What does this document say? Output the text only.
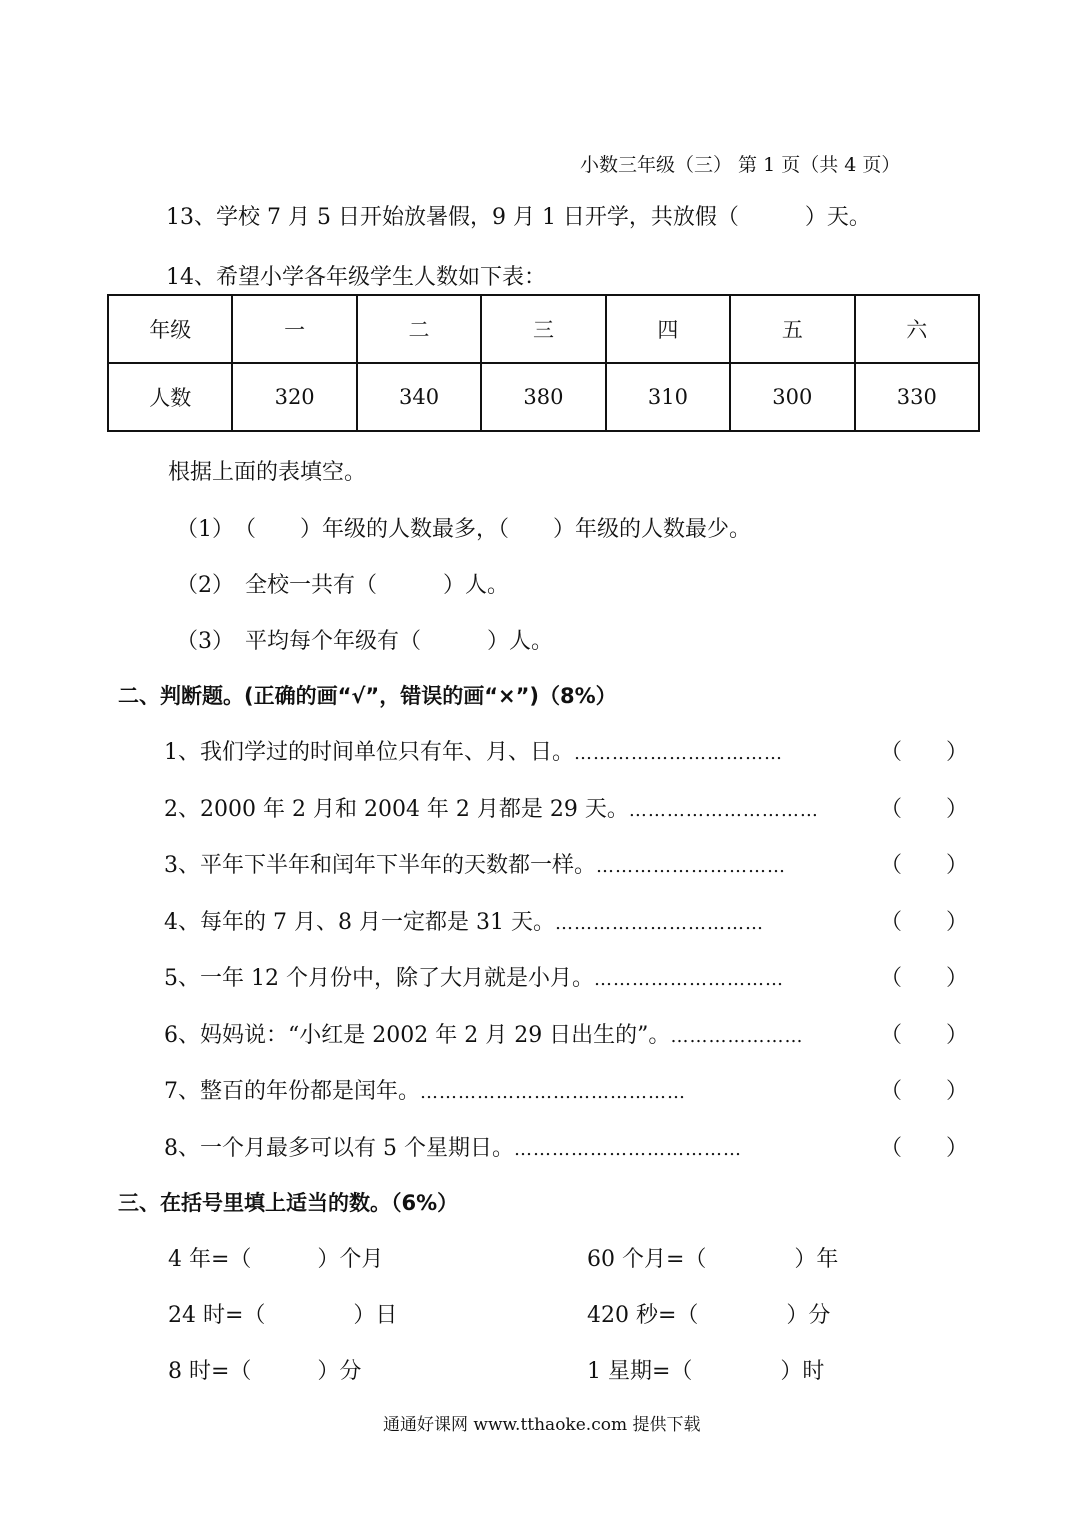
小数三年级（三） 第 1 页（共 4 页）
13、学校 7 月 5 日开始放暑假，9 月 1 日开学，共放假（　　　）天。
14、希望小学各年级学生人数如下表：
年级	一	二	三	四	五	六
人数	320	340	380	310	300	330
根据上面的表填空。
（1）　（　　）年级的人数最多，（　　）年级的人数最少。
（2）　全校一共有（　　　）人。
（3）　平均每个年级有（　　　）人。
二、判断题。(正确的画“√”，错误的画“×”)（8%）
1、我们学过的时间单位只有年、月、日。……………………………	（　　）
2、2000 年 2 月和 2004 年 2 月都是 29 天。…………………………	（　　）
3、平年下半年和闰年下半年的天数都一样。…………………………	（　　）
4、每年的 7 月、8 月一定都是 31 天。……………………………	（　　）
5、一年 12 个月份中，除了大月就是小月。…………………………	（　　）
6、妈妈说：“小红是 2002 年 2 月 29 日出生的”。…………………	（　　）
7、整百的年份都是闰年。……………………………………	（　　）
8、一个月最多可以有 5 个星期日。………………………………	（　　）
三、在括号里填上适当的数。（6%）
4 年=（　　　）个月	60 个月=（　　　　）年
24 时=（　　　　）日	420 秒=（　　　　）分
8 时=（　　　）分	1 星期=（　　　　）时
通通好课网 www.tthaoke.com 提供下载
